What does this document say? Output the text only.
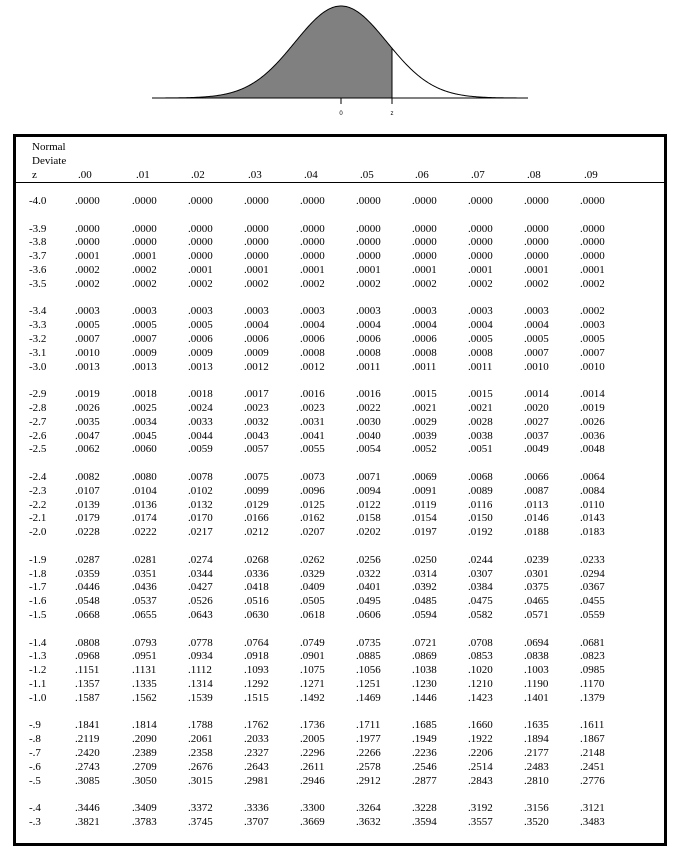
0	z
Normal
Deviate
z	.00	.01	.02	.03	.04	.05	.06	.07	.08	.09
-4.0	.0000	.0000	.0000	.0000	.0000	.0000	.0000	.0000	.0000	.0000
-3.9	.0000	.0000	.0000	.0000	.0000	.0000	.0000	.0000	.0000	.0000
-3.8	.0000	.0000	.0000	.0000	.0000	.0000	.0000	.0000	.0000	.0000
-3.7	.0001	.0001	.0000	.0000	.0000	.0000	.0000	.0000	.0000	.0000
-3.6	.0002	.0002	.0001	.0001	.0001	.0001	.0001	.0001	.0001	.0001
-3.5	.0002	.0002	.0002	.0002	.0002	.0002	.0002	.0002	.0002	.0002
-3.4	.0003	.0003	.0003	.0003	.0003	.0003	.0003	.0003	.0003	.0002
-3.3	.0005	.0005	.0005	.0004	.0004	.0004	.0004	.0004	.0004	.0003
-3.2	.0007	.0007	.0006	.0006	.0006	.0006	.0006	.0005	.0005	.0005
-3.1	.0010	.0009	.0009	.0009	.0008	.0008	.0008	.0008	.0007	.0007
-3.0	.0013	.0013	.0013	.0012	.0012	.0011	.0011	.0011	.0010	.0010
-2.9	.0019	.0018	.0018	.0017	.0016	.0016	.0015	.0015	.0014	.0014
-2.8	.0026	.0025	.0024	.0023	.0023	.0022	.0021	.0021	.0020	.0019
-2.7	.0035	.0034	.0033	.0032	.0031	.0030	.0029	.0028	.0027	.0026
-2.6	.0047	.0045	.0044	.0043	.0041	.0040	.0039	.0038	.0037	.0036
-2.5	.0062	.0060	.0059	.0057	.0055	.0054	.0052	.0051	.0049	.0048
-2.4	.0082	.0080	.0078	.0075	.0073	.0071	.0069	.0068	.0066	.0064
-2.3	.0107	.0104	.0102	.0099	.0096	.0094	.0091	.0089	.0087	.0084
-2.2	.0139	.0136	.0132	.0129	.0125	.0122	.0119	.0116	.0113	.0110
-2.1	.0179	.0174	.0170	.0166	.0162	.0158	.0154	.0150	.0146	.0143
-2.0	.0228	.0222	.0217	.0212	.0207	.0202	.0197	.0192	.0188	.0183
-1.9	.0287	.0281	.0274	.0268	.0262	.0256	.0250	.0244	.0239	.0233
-1.8	.0359	.0351	.0344	.0336	.0329	.0322	.0314	.0307	.0301	.0294
-1.7	.0446	.0436	.0427	.0418	.0409	.0401	.0392	.0384	.0375	.0367
-1.6	.0548	.0537	.0526	.0516	.0505	.0495	.0485	.0475	.0465	.0455
-1.5	.0668	.0655	.0643	.0630	.0618	.0606	.0594	.0582	.0571	.0559
-1.4	.0808	.0793	.0778	.0764	.0749	.0735	.0721	.0708	.0694	.0681
-1.3	.0968	.0951	.0934	.0918	.0901	.0885	.0869	.0853	.0838	.0823
-1.2	.1151	.1131	.1112	.1093	.1075	.1056	.1038	.1020	.1003	.0985
-1.1	.1357	.1335	.1314	.1292	.1271	.1251	.1230	.1210	.1190	.1170
-1.0	.1587	.1562	.1539	.1515	.1492	.1469	.1446	.1423	.1401	.1379
-.9	.1841	.1814	.1788	.1762	.1736	.1711	.1685	.1660	.1635	.1611
-.8	.2119	.2090	.2061	.2033	.2005	.1977	.1949	.1922	.1894	.1867
-.7	.2420	.2389	.2358	.2327	.2296	.2266	.2236	.2206	.2177	.2148
-.6	.2743	.2709	.2676	.2643	.2611	.2578	.2546	.2514	.2483	.2451
-.5	.3085	.3050	.3015	.2981	.2946	.2912	.2877	.2843	.2810	.2776
-.4	.3446	.3409	.3372	.3336	.3300	.3264	.3228	.3192	.3156	.3121
-.3	.3821	.3783	.3745	.3707	.3669	.3632	.3594	.3557	.3520	.3483
